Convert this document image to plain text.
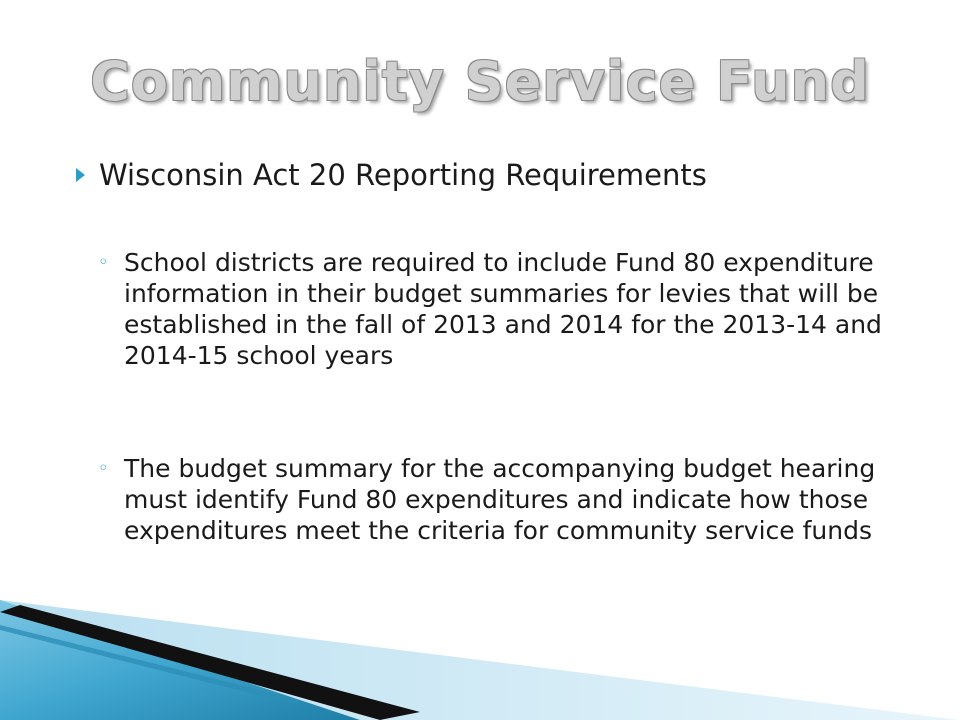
Community Service Fund
Wisconsin Act 20 Reporting Requirements
◦ School districts are required to include Fund 80 expenditure information in their budget summaries for levies that will be established in the fall of 2013 and 2014 for the 2013-14 and 2014-15 school years
◦ The budget summary for the accompanying budget hearing must identify Fund 80 expenditures and indicate how those expenditures meet the criteria for community service funds
